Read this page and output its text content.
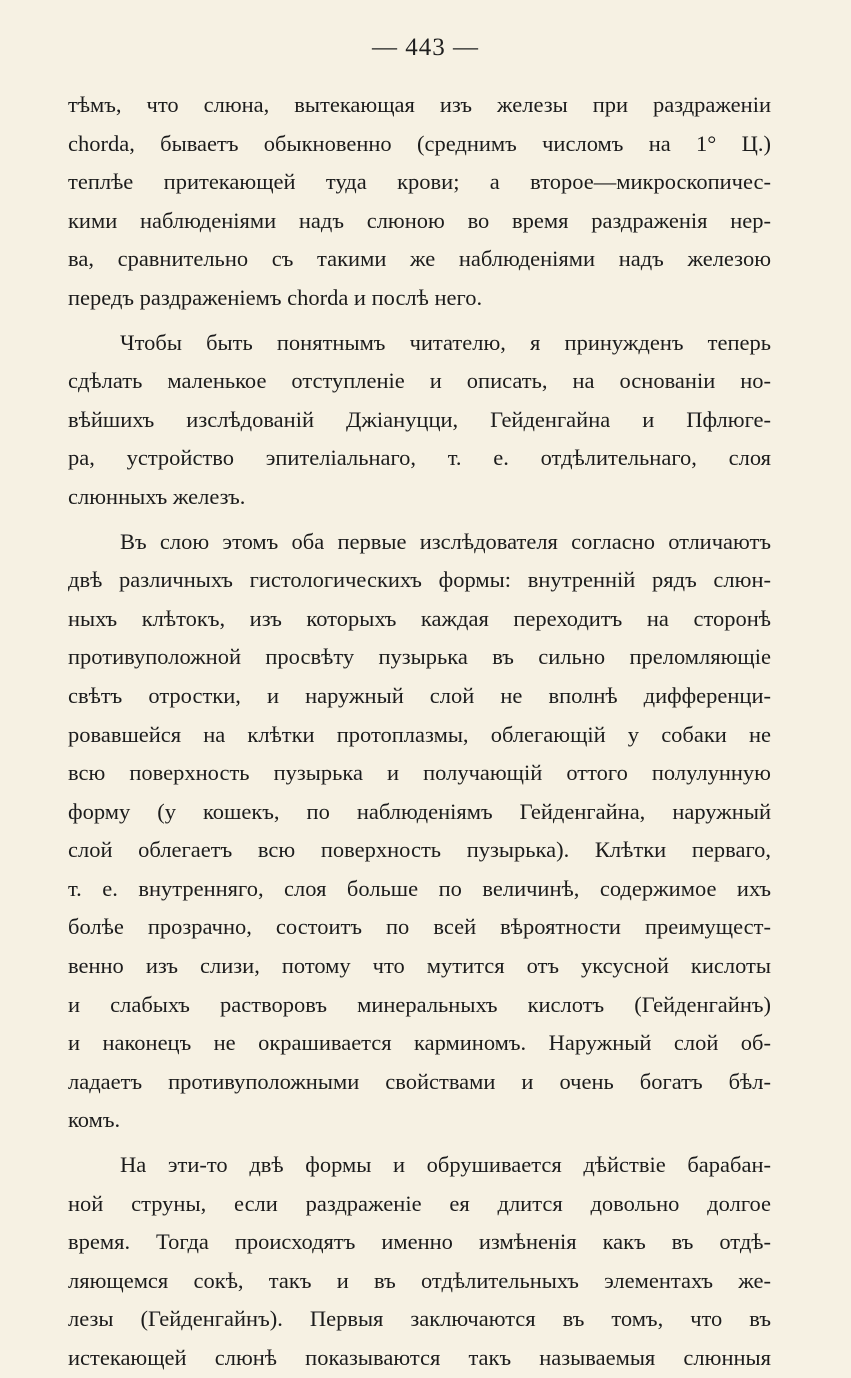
— 443 —
тѣмъ, что слюна, вытекающая изъ железы при раздраженіи
chorda, бываетъ обыкновенно (среднимъ числомъ на 1° Ц.)
теплѣе притекающей туда крови; а второе—микроскопичес-
кими наблюденіями надъ слюною во время раздраженія нер-
ва, сравнительно съ такими же наблюденіями надъ железою
передъ раздраженіемъ chorda и послѣ него.
Чтобы быть понятнымъ читателю, я принужденъ теперь
сдѣлать маленькое отступленіе и описать, на основаніи но-
вѣйшихъ изслѣдованій Джіануцци, Гейденгайна и Пфлюге-
ра, устройство эпителіальнаго, т. е. отдѣлительнаго, слоя
слюнныхъ железъ.
Въ слою этомъ оба первые изслѣдователя согласно отличаютъ
двѣ различныхъ гистологическихъ формы: внутренній рядъ слюн-
ныхъ клѣтокъ, изъ которыхъ каждая переходитъ на сторонѣ
противуположной просвѣту пузырька въ сильно преломляющіе
свѣтъ отростки, и наружный слой не вполнѣ дифференци-
ровавшейся на клѣтки протоплазмы, облегающій у собаки не
всю поверхность пузырька и получающій оттого полулунную
форму (у кошекъ, по наблюденіямъ Гейденгайна, наружный
слой облегаетъ всю поверхность пузырька). Клѣтки перваго,
т. е. внутренняго, слоя больше по величинѣ, содержимое ихъ
болѣе прозрачно, состоитъ по всей вѣроятности преимущест-
венно изъ слизи, потому что мутится отъ уксусной кислоты
и слабыхъ растворовъ минеральныхъ кислотъ (Гейденгайнъ)
и наконецъ не окрашивается карминомъ. Наружный слой об-
ладаетъ противуположными свойствами и очень богатъ бѣл-
комъ.
На эти-то двѣ формы и обрушивается дѣйствіе барабан-
ной струны, если раздраженіе ея длится довольно долгое
время. Тогда происходятъ именно измѣненія какъ въ отдѣ-
ляющемся сокѣ, такъ и въ отдѣлительныхъ элементахъ же-
лезы (Гейденгайнъ). Первыя заключаются въ томъ, что въ
истекающей слюнѣ показываются такъ называемыя слюнныя
